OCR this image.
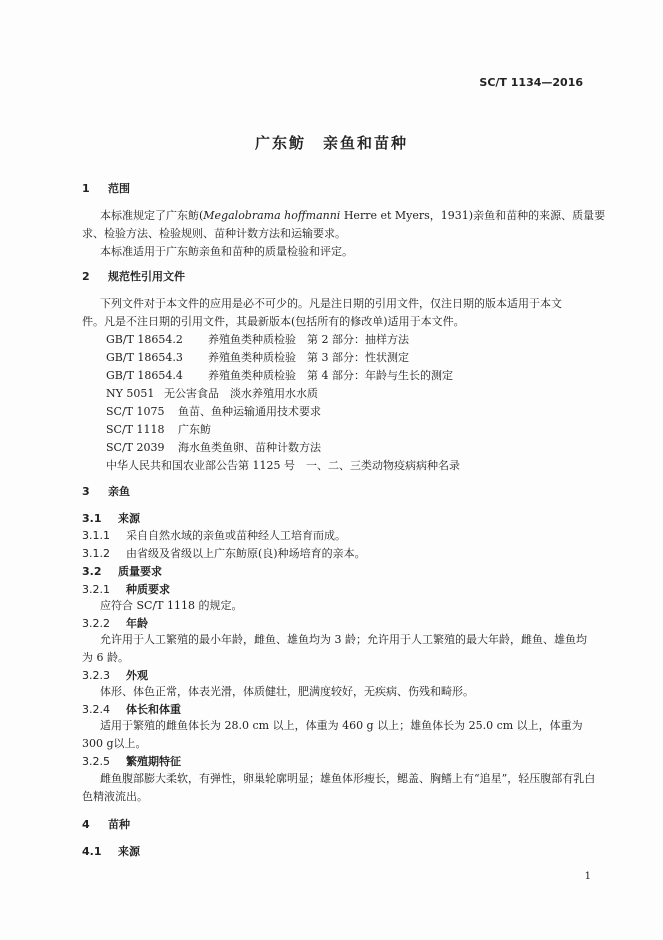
SC/T 1134—2016
广东鲂　亲鱼和苗种
1 范围
本标准规定了广东鲂(Megalobrama hoffmanni Herre et Myers，1931)亲鱼和苗种的来源、质量要
求、检验方法、检验规则、苗种计数方法和运输要求。
本标准适用于广东鲂亲鱼和苗种的质量检验和评定。
2 规范性引用文件
下列文件对于本文件的应用是必不可少的。凡是注日期的引用文件，仅注日期的版本适用于本文
件。凡是不注日期的引用文件，其最新版本(包括所有的修改单)适用于本文件。
GB/T 18654.2 养殖鱼类种质检验　第 2 部分：抽样方法
GB/T 18654.3 养殖鱼类种质检验　第 3 部分：性状测定
GB/T 18654.4 养殖鱼类种质检验　第 4 部分：年龄与生长的测定
NY 5051 无公害食品　淡水养殖用水水质
SC/T 1075 鱼苗、鱼种运输通用技术要求
SC/T 1118 广东鲂
SC/T 2039 海水鱼类鱼卵、苗种计数方法
中华人民共和国农业部公告第 1125 号　一、二、三类动物疫病病种名录
3 亲鱼
3.1 来源
3.1.1 采自自然水域的亲鱼或苗种经人工培育而成。
3.1.2 由省级及省级以上广东鲂原(良)种场培育的亲本。
3.2 质量要求
3.2.1 种质要求
应符合 SC/T 1118 的规定。
3.2.2 年龄
允许用于人工繁殖的最小年龄，雌鱼、雄鱼均为 3 龄；允许用于人工繁殖的最大年龄，雌鱼、雄鱼均
为 6 龄。
3.2.3 外观
体形、体色正常，体表光滑，体质健壮，肥满度较好，无疾病、伤残和畸形。
3.2.4 体长和体重
适用于繁殖的雌鱼体长为 28.0 cm 以上，体重为 460 g 以上；雄鱼体长为 25.0 cm 以上，体重为
300 g以上。
3.2.5 繁殖期特征
雌鱼腹部膨大柔软，有弹性，卵巢轮廓明显；雄鱼体形瘦长，鳃盖、胸鳍上有“追星”，轻压腹部有乳白
色精液流出。
4 苗种
4.1 来源
1
